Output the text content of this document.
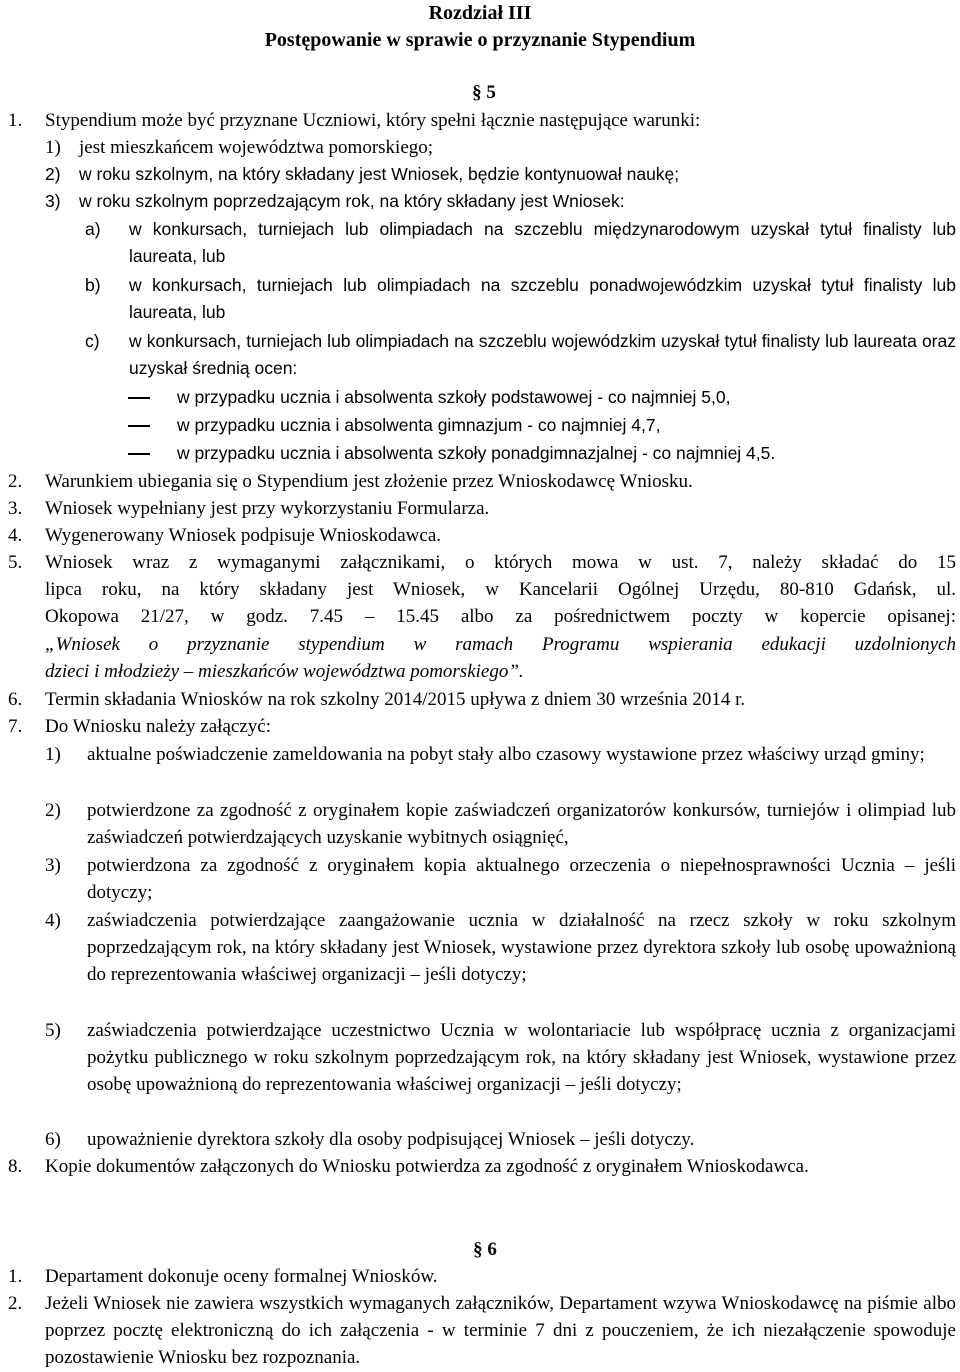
Rozdział III
Postępowanie w sprawie o przyznanie Stypendium
§ 5
1.	Stypendium może być przyznane Uczniowi, który spełni łącznie następujące warunki:
1) jest mieszkańcem województwa pomorskiego;
2)	w roku szkolnym, na który składany jest Wniosek, będzie kontynuował naukę;
3)	w roku szkolnym poprzedzającym rok, na który składany jest Wniosek:
a)	w konkursach, turniejach lub olimpiadach na szczeblu międzynarodowym uzyskał tytuł finalisty lub laureata, lub
b)	w konkursach, turniejach lub olimpiadach na szczeblu ponadwojewódzkim uzyskał tytuł finalisty lub laureata, lub
c)	w konkursach, turniejach lub olimpiadach na szczeblu wojewódzkim uzyskał tytuł finalisty lub laureata oraz uzyskał średnią ocen:
w przypadku ucznia i absolwenta szkoły podstawowej - co najmniej 5,0,
w przypadku ucznia i absolwenta gimnazjum - co najmniej 4,7,
w przypadku ucznia i absolwenta szkoły ponadgimnazjalnej - co najmniej 4,5.
2.	Warunkiem ubiegania się o Stypendium jest złożenie przez Wnioskodawcę Wniosku.
3.	Wniosek wypełniany jest przy wykorzystaniu Formularza.
4.	Wygenerowany Wniosek podpisuje Wnioskodawca.
5.	Wniosek wraz z wymaganymi załącznikami, o których mowa w ust. 7, należy składać do 15
lipca roku, na który składany jest Wniosek, w Kancelarii Ogólnej Urzędu, 80-810 Gdańsk, ul.
Okopowa 21/27, w godz. 7.45 – 15.45 albo za pośrednictwem poczty w kopercie opisanej:
„Wniosek o przyznanie stypendium w ramach Programu wspierania edukacji uzdolnionych
dzieci i młodzieży – mieszkańców województwa pomorskiego”.
6.	Termin składania Wniosków na rok szkolny 2014/2015 upływa z dniem 30 września 2014 r.
7.	Do Wniosku należy załączyć:
1)	aktualne poświadczenie zameldowania na pobyt stały albo czasowy wystawione przez właściwy urząd gminy;
2)	potwierdzone za zgodność z oryginałem kopie zaświadczeń organizatorów konkursów, turniejów i olimpiad lub zaświadczeń potwierdzających uzyskanie wybitnych osiągnięć,
3)	potwierdzona za zgodność z oryginałem kopia aktualnego orzeczenia o niepełnosprawności Ucznia – jeśli dotyczy;
4)	zaświadczenia potwierdzające zaangażowanie ucznia w działalność na rzecz szkoły w roku szkolnym poprzedzającym rok, na który składany jest Wniosek, wystawione przez dyrektora szkoły lub osobę upoważnioną do reprezentowania właściwej organizacji – jeśli dotyczy;
5)	zaświadczenia potwierdzające uczestnictwo Ucznia w wolontariacie lub współpracę ucznia z organizacjami pożytku publicznego w roku szkolnym poprzedzającym rok, na który składany jest Wniosek, wystawione przez osobę upoważnioną do reprezentowania właściwej organizacji – jeśli dotyczy;
6)	upoważnienie dyrektora szkoły dla osoby podpisującej Wniosek – jeśli dotyczy.
8.	Kopie dokumentów załączonych do Wniosku potwierdza za zgodność z oryginałem Wnioskodawca.
§ 6
1.	Departament dokonuje oceny formalnej Wniosków.
2.	Jeżeli Wniosek nie zawiera wszystkich wymaganych załączników, Departament wzywa Wnioskodawcę na piśmie albo poprzez pocztę elektroniczną do ich załączenia - w terminie 7 dni z pouczeniem, że ich niezałączenie spowoduje pozostawienie Wniosku bez rozpoznania.
